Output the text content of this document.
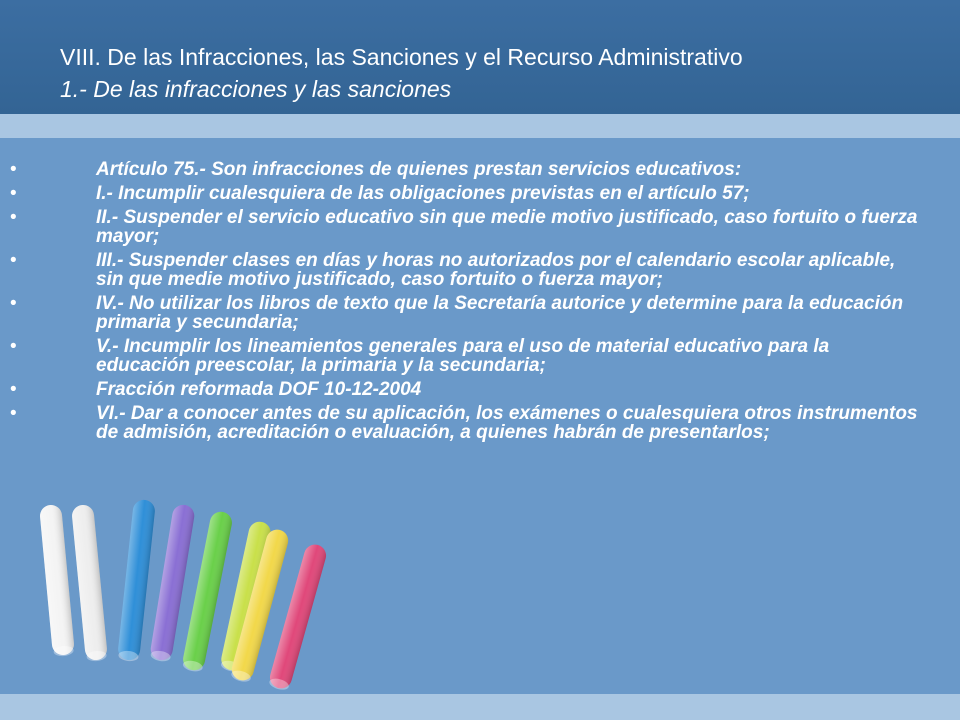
VIII. De las Infracciones, las Sanciones y el Recurso Administrativo
1.- De las infracciones y las sanciones
•	Artículo 75.- Son infracciones de quienes prestan servicios educativos:
•	I.- Incumplir cualesquiera de las obligaciones previstas en el artículo 57;
•	II.- Suspender el servicio educativo sin que medie motivo justificado, caso fortuito o fuerza mayor;
•	III.- Suspender clases en días y horas no autorizados por el calendario escolar aplicable, sin que medie motivo justificado, caso fortuito o fuerza mayor;
•	IV.- No utilizar los libros de texto que la Secretaría autorice y determine para la educación primaria y secundaria;
•	V.- Incumplir los lineamientos generales para el uso de material educativo para la educación preescolar, la primaria y la secundaria;
•	Fracción reformada DOF 10-12-2004
•	VI.- Dar a conocer antes de su aplicación, los exámenes o cualesquiera otros instrumentos de admisión, acreditación o evaluación, a quienes habrán de presentarlos;
